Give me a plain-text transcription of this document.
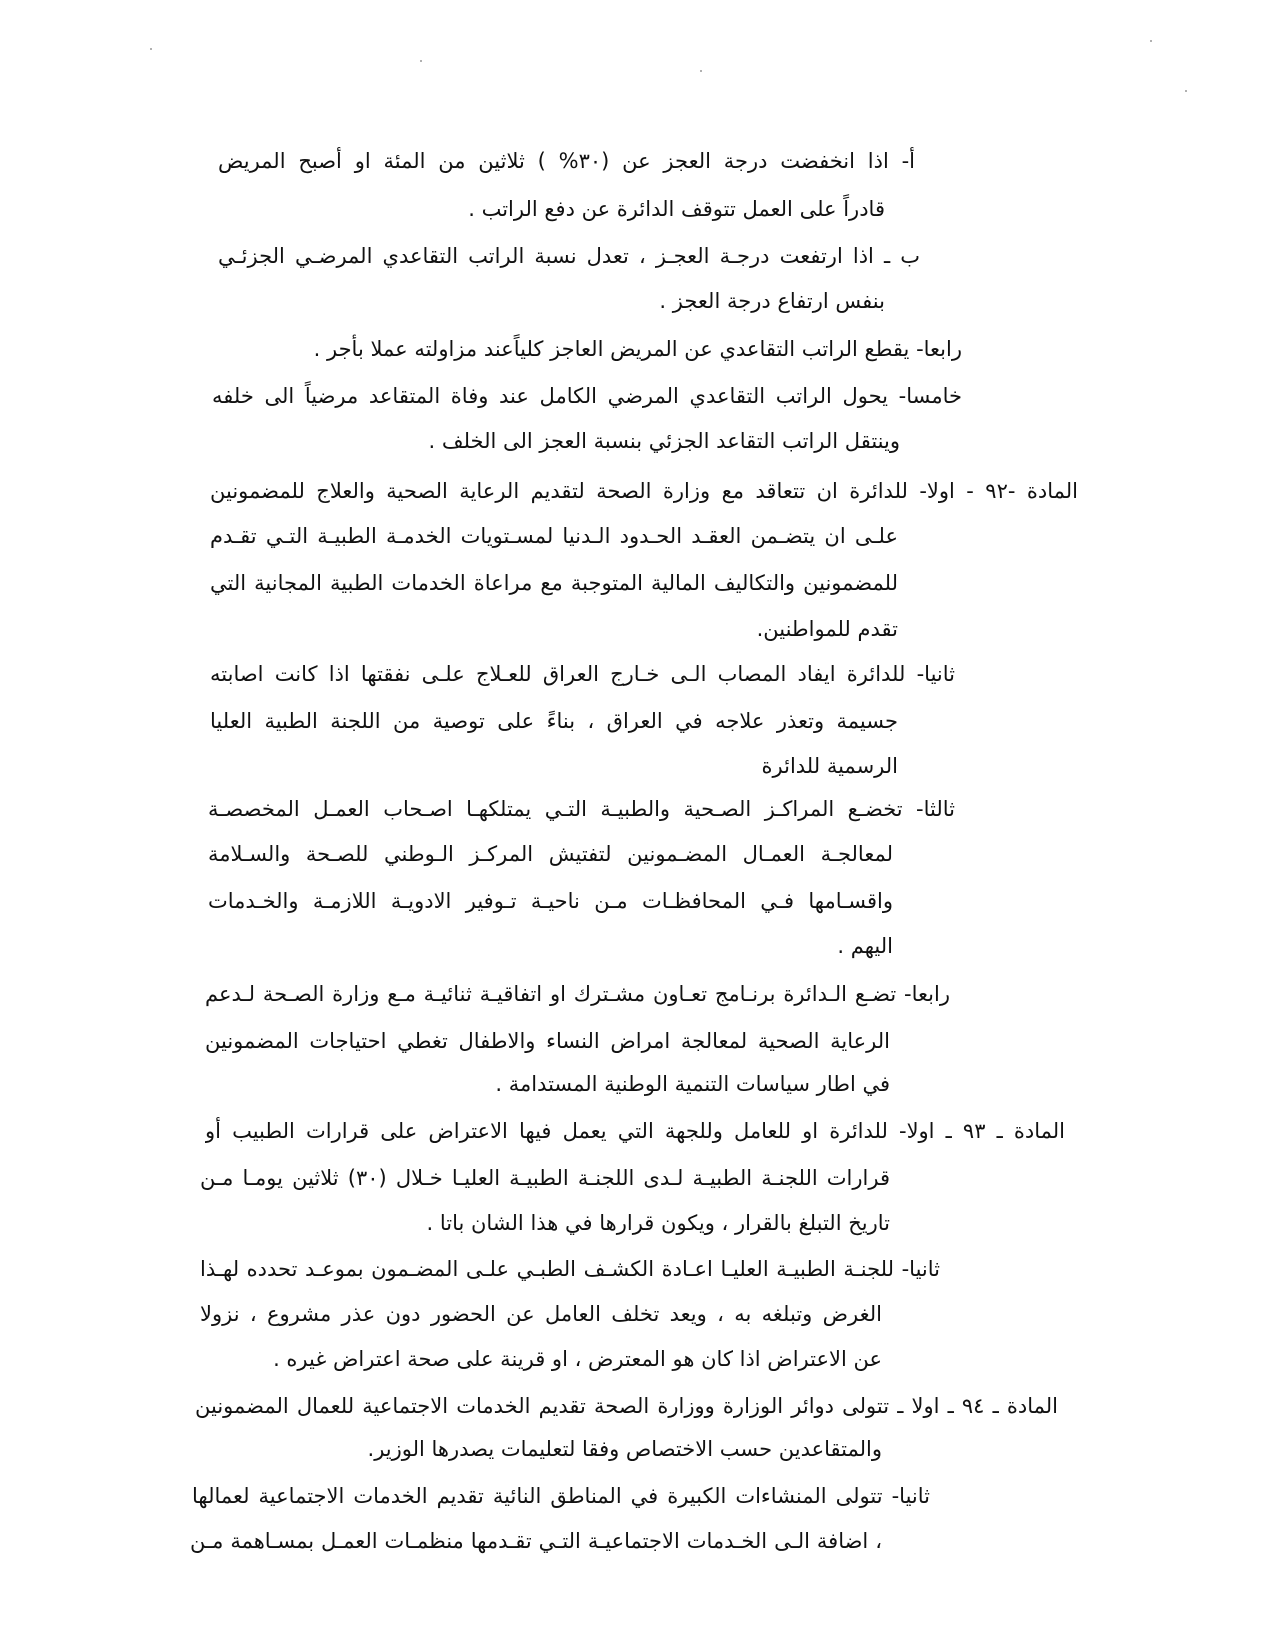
أ- اذا انخفضت درجة العجز عن (٣٠% ) ثلاثين من المئة او أصبح المريض
قادراً على العمل تتوقف الدائرة عن دفع الراتب .
ب ـ اذا ارتفعت درجـة العجـز ، تعدل نسبة الراتب التقاعدي المرضـي الجزئـي
بنفس ارتفاع درجة العجز .
رابعا- يقطع الراتب التقاعدي عن المريض العاجز كلياًعند مزاولته عملا بأجر .
خامسا- يحول الراتب التقاعدي المرضي الكامل عند وفاة المتقاعد مرضياً الى خلفه
وينتقل الراتب التقاعد الجزئي بنسبة العجز الى الخلف .
المادة -٩٢ - اولا- للدائرة ان تتعاقد مع وزارة الصحة لتقديم الرعاية الصحية والعلاج للمضمونين
علـى ان يتضـمن العقـد الحـدود الـدنيا لمسـتويات الخدمـة الطبيـة التـي تقـدم
للمضمونين والتكاليف المالية المتوجبة مع مراعاة الخدمات الطبية المجانية التي
تقدم للمواطنين.
ثانيا- للدائرة ايفاد المصاب الـى خـارج العراق للعـلاج علـى نفقتها اذا كانت اصابته
جسيمة وتعذر علاجه في العراق ، بناءً على توصية من اللجنة الطبية العليا
الرسمية للدائرة
ثالثا- تخضـع المراكـز الصـحية والطبيـة التـي يمتلكهـا اصـحاب العمـل المخصصـة
لمعالجـة العمـال المضـمونين لتفتيش المركـز الـوطني للصـحة والسـلامة
واقسـامها فـي المحافظـات مـن ناحيـة تـوفير الادويـة اللازمـة والخـدمات
اليهم .
رابعا- تضـع الـدائرة برنـامج تعـاون مشـترك او اتفاقيـة ثنائيـة مـع وزارة الصـحة لـدعم
الرعاية الصحية لمعالجة امراض النساء والاطفال تغطي احتياجات المضمونين
في اطار سياسات التنمية الوطنية المستدامة .
المادة ـ ٩٣ ـ اولا- للدائرة او للعامل وللجهة التي يعمل فيها الاعتراض على قرارات الطبيب أو
قرارات اللجنـة الطبيـة لـدى اللجنـة الطبيـة العليـا خـلال (٣٠) ثلاثين يومـا مـن
تاريخ التبلغ بالقرار ، ويكون قرارها في هذا الشان باتا .
ثانيا- للجنـة الطبيـة العليـا اعـادة الكشـف الطبـي علـى المضـمون بموعـد تحدده لهـذا
الغرض وتبلغه به ، ويعد تخلف العامل عن الحضور دون عذر مشروع ، نزولا
عن الاعتراض اذا كان هو المعترض ، او قرينة على صحة اعتراض غيره .
المادة ـ ٩٤ ـ اولا ـ تتولى دوائر الوزارة ووزارة الصحة تقديم الخدمات الاجتماعية للعمال المضمونين
والمتقاعدين حسب الاختصاص وفقا لتعليمات يصدرها الوزير.
ثانيا- تتولى المنشاءات الكبيرة في المناطق النائية تقديم الخدمات الاجتماعية لعمالها
، اضافة الـى الخـدمات الاجتماعيـة التـي تقـدمها منظمـات العمـل بمسـاهمة مـن
